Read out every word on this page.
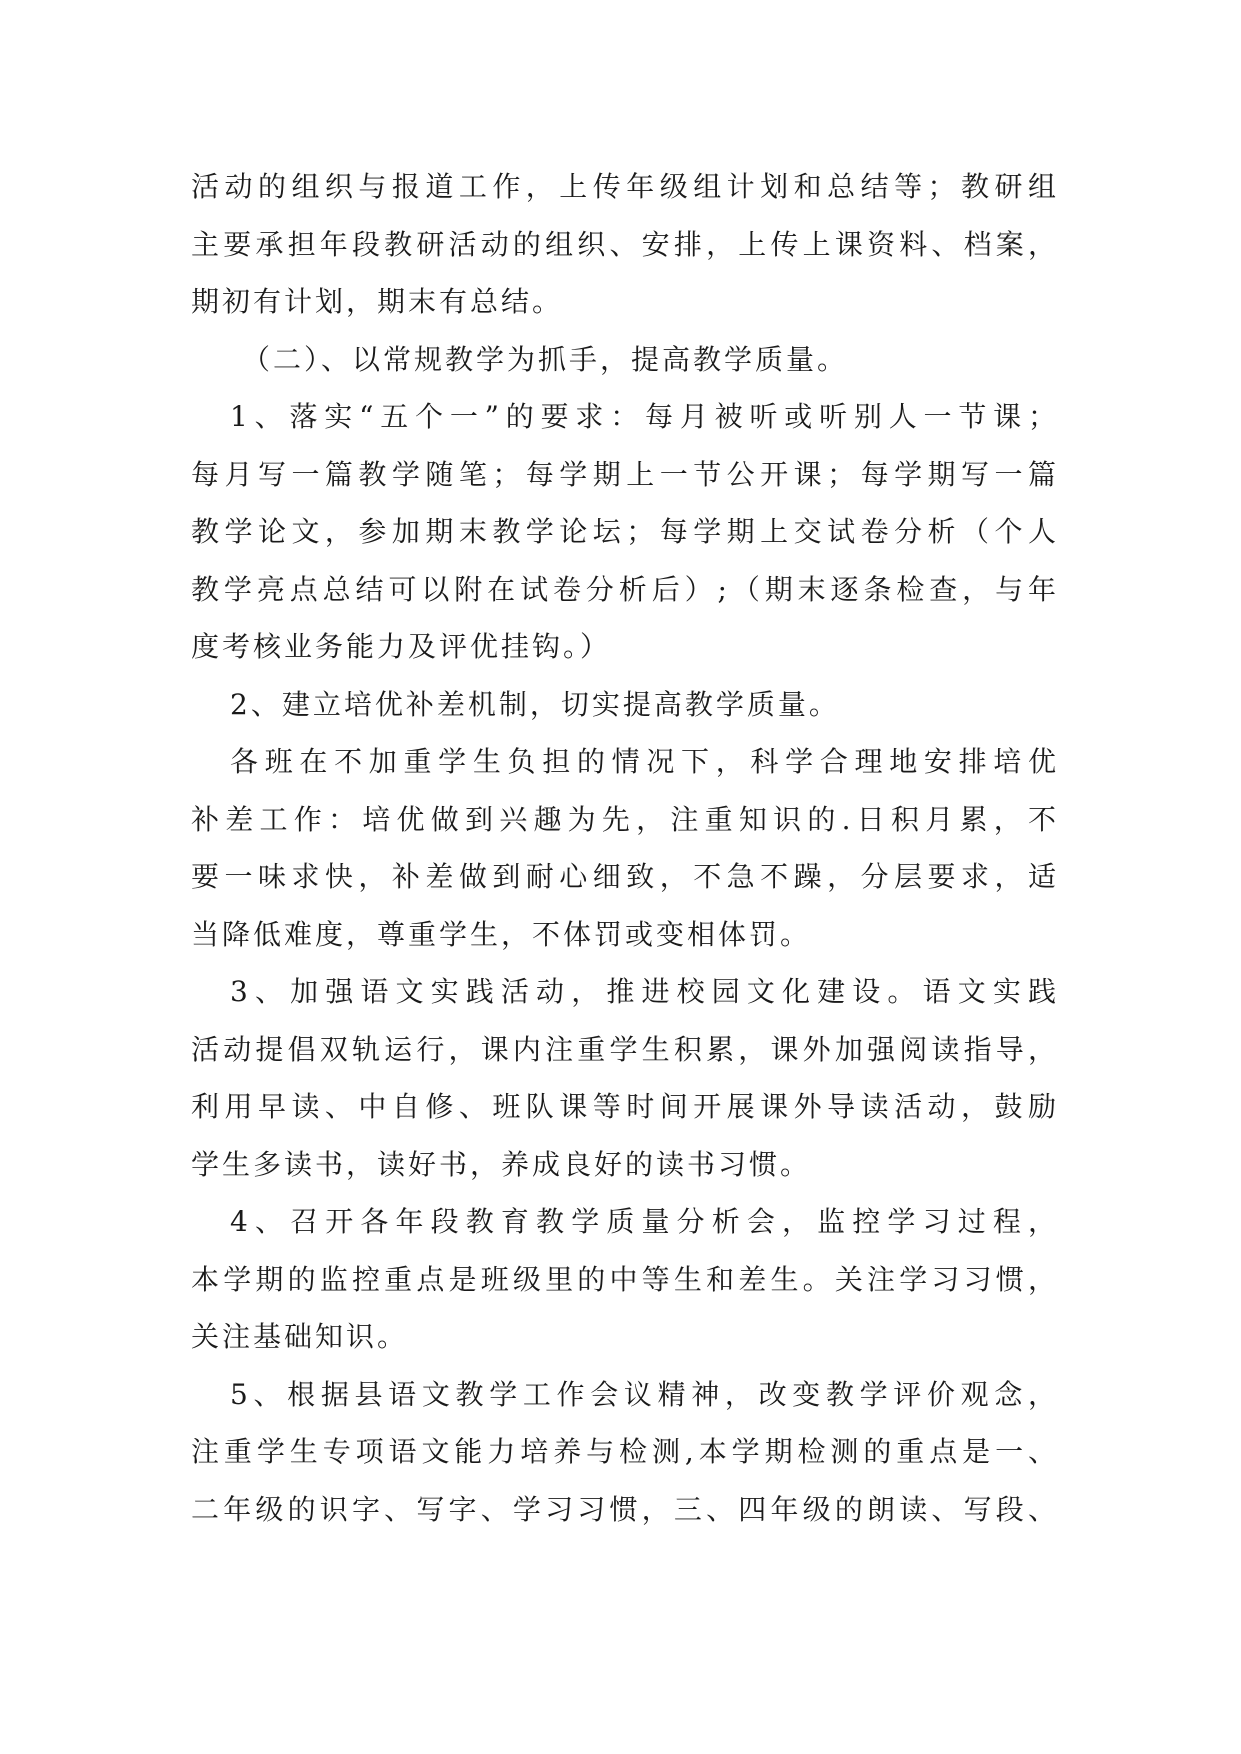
活动的组织与报道工作，上传年级组计划和总结等；教研组
主要承担年段教研活动的组织、安排，上传上课资料、档案，
期初有计划，期末有总结。
（二）、以常规教学为抓手，提高教学质量。
1、落实“五个一”的要求：每月被听或听别人一节课；
每月写一篇教学随笔；每学期上一节公开课；每学期写一篇
教学论文，参加期末教学论坛；每学期上交试卷分析（个人
教学亮点总结可以附在试卷分析后）;（期末逐条检查，与年
度考核业务能力及评优挂钩。）
2、建立培优补差机制，切实提高教学质量。
各班在不加重学生负担的情况下，科学合理地安排培优
补差工作：培优做到兴趣为先，注重知识的.日积月累，不
要一味求快，补差做到耐心细致，不急不躁，分层要求，适
当降低难度，尊重学生，不体罚或变相体罚。
3、加强语文实践活动，推进校园文化建设。语文实践
活动提倡双轨运行，课内注重学生积累，课外加强阅读指导，
利用早读、中自修、班队课等时间开展课外导读活动，鼓励
学生多读书，读好书，养成良好的读书习惯。
4、召开各年段教育教学质量分析会，监控学习过程，
本学期的监控重点是班级里的中等生和差生。关注学习习惯，
关注基础知识。
5、根据县语文教学工作会议精神，改变教学评价观念，
注重学生专项语文能力培养与检测,本学期检测的重点是一、
二年级的识字、写字、学习习惯，三、四年级的朗读、写段、
